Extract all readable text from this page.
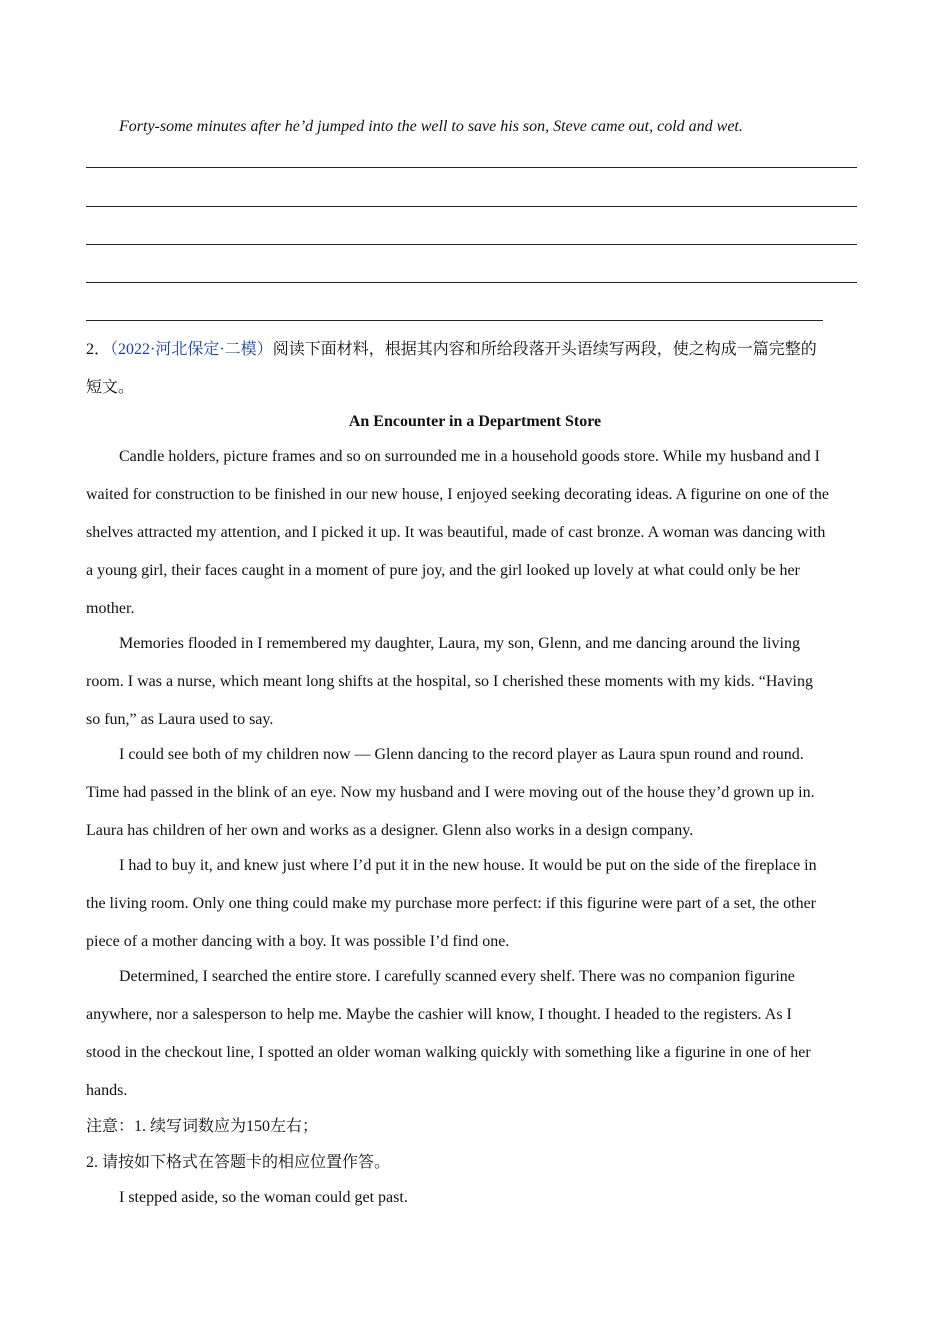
Forty-some minutes after he’d jumped into the well to save his son, Steve came out, cold and wet.
2．（2022·河北保定·二模）阅读下面材料，根据其内容和所给段落开头语续写两段，使之构成一篇完整的
短文。
An Encounter in a Department Store
Candle holders, picture frames and so on surrounded me in a household goods store. While my husband and I
waited for construction to be finished in our new house, I enjoyed seeking decorating ideas. A figurine on one of the
shelves attracted my attention, and I picked it up. It was beautiful, made of cast bronze. A woman was dancing with
a young girl, their faces caught in a moment of pure joy, and the girl looked up lovely at what could only be her
mother.
Memories flooded in I remembered my daughter, Laura, my son, Glenn, and me dancing around the living
room. I was a nurse, which meant long shifts at the hospital, so I cherished these moments with my kids. “Having
so fun,” as Laura used to say.
I could see both of my children now — Glenn dancing to the record player as Laura spun round and round.
Time had passed in the blink of an eye. Now my husband and I were moving out of the house they’d grown up in.
Laura has children of her own and works as a designer. Glenn also works in a design company.
I had to buy it, and knew just where I’d put it in the new house. It would be put on the side of the fireplace in
the living room. Only one thing could make my purchase more perfect: if this figurine were part of a set, the other
piece of a mother dancing with a boy. It was possible I’d find one.
Determined, I searched the entire store. I carefully scanned every shelf. There was no companion figurine
anywhere, nor a salesperson to help me. Maybe the cashier will know, I thought. I headed to the registers. As I
stood in the checkout line, I spotted an older woman walking quickly with something like a figurine in one of her
hands.
注意：1. 续写词数应为150左右；
2. 请按如下格式在答题卡的相应位置作答。
I stepped aside, so the woman could get past.
